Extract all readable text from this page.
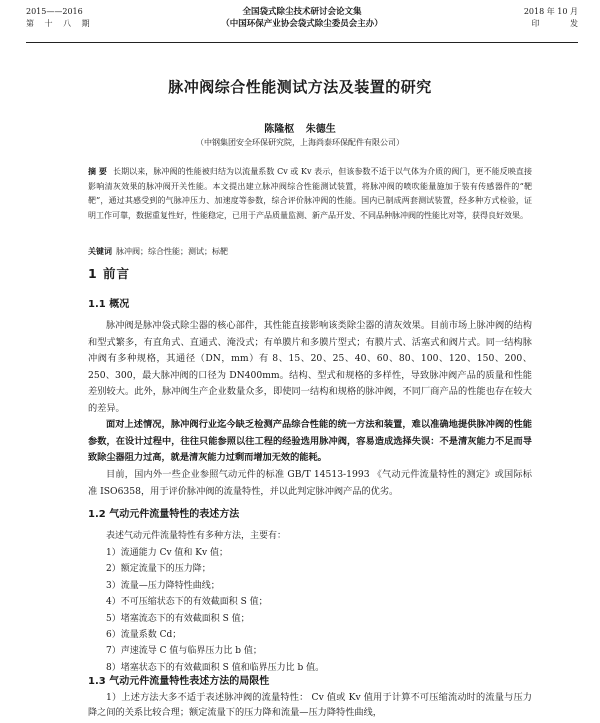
2015——2016
第 十 八 期
全国袋式除尘技术研讨会论文集
（中国环保产业协会袋式除尘委员会主办）
2018 年 10 月
印 发
脉冲阀综合性能测试方法及装置的研究
陈隆枢 朱德生
（中钢集团安全环保研究院，上海尚泰环保配件有限公司）
摘 要 长期以来，脉冲阀的性能被归结为以流量系数 Cv 或 Kv 表示，但该参数不适于以气体为介质的阀门，更不能反映直接影响清灰效果的脉冲阀开关性能。本文提出建立脉冲阀综合性能测试装置，将脉冲阀的喷吹能量施加于装有传感器件的“靶靶”，通过其感受到的气脉冲压力、加速度等参数，综合评价脉冲阀的性能。国内已制成两套测试装置，经多种方式检验，证明工作可靠，数据重复性好，性能稳定，已用于产品质量监测、新产品开发、不同品种脉冲阀的性能比对等，获得良好效果。
关键词 脉冲阀；综合性能；测试；标靶
1 前言
1.1 概况
脉冲阀是脉冲袋式除尘器的核心部件，其性能直接影响该类除尘器的清灰效果。目前市场上脉冲阀的结构和型式繁多，有直角式、直通式、淹没式；有单膜片和多膜片型式；有膜片式、活塞式和阀片式。同一结构脉冲阀有多种规格，其通径（DN，mm）有 8、15、20、25、40、60、80、100、120、150、200、250、300，最大脉冲阀的口径为 DN400mm。结构、型式和规格的多样性，导致脉冲阀产品的质量和性能差别较大。此外，脉冲阀生产企业数量众多，即使同一结构和规格的脉冲阀，不同厂商产品的性能也存在较大的差异。
面对上述情况，脉冲阀行业迄今缺乏检测产品综合性能的统一方法和装置，难以准确地提供脉冲阀的性能参数，在设计过程中，往往只能参照以往工程的经验选用脉冲阀，容易造成选择失误：不是清灰能力不足而导致除尘器阻力过高，就是清灰能力过剩而增加无效的能耗。
目前，国内外一些企业参照气动元件的标准 GB/T 14513-1993 《气动元件流量特性的测定》或国际标准 ISO6358，用于评价脉冲阀的流量特性，并以此判定脉冲阀产品的优劣。
1.2 气动元件流量特性的表述方法
表述气动元件流量特性有多种方法，主要有：
1）流通能力 Cv 值和 Kv 值；
2）额定流量下的压力降；
3）流量—压力降特性曲线；
4）不可压缩状态下的有效截面积 S 值；
5）堵塞流态下的有效截面积 S 值；
6）流量系数 Cd；
7）声速流导 C 值与临界压力比 b 值；
8）堵塞状态下的有效截面积 S 值和临界压力比 b 值。
1.3 气动元件流量特性表述方法的局限性
1）上述方法大多不适于表述脉冲阀的流量特性： Cv 值或 Kv 值用于计算不可压缩流动时的流量与压力降之间的关系比较合理；额定流量下的压力降和流量—压力降特性曲线，
